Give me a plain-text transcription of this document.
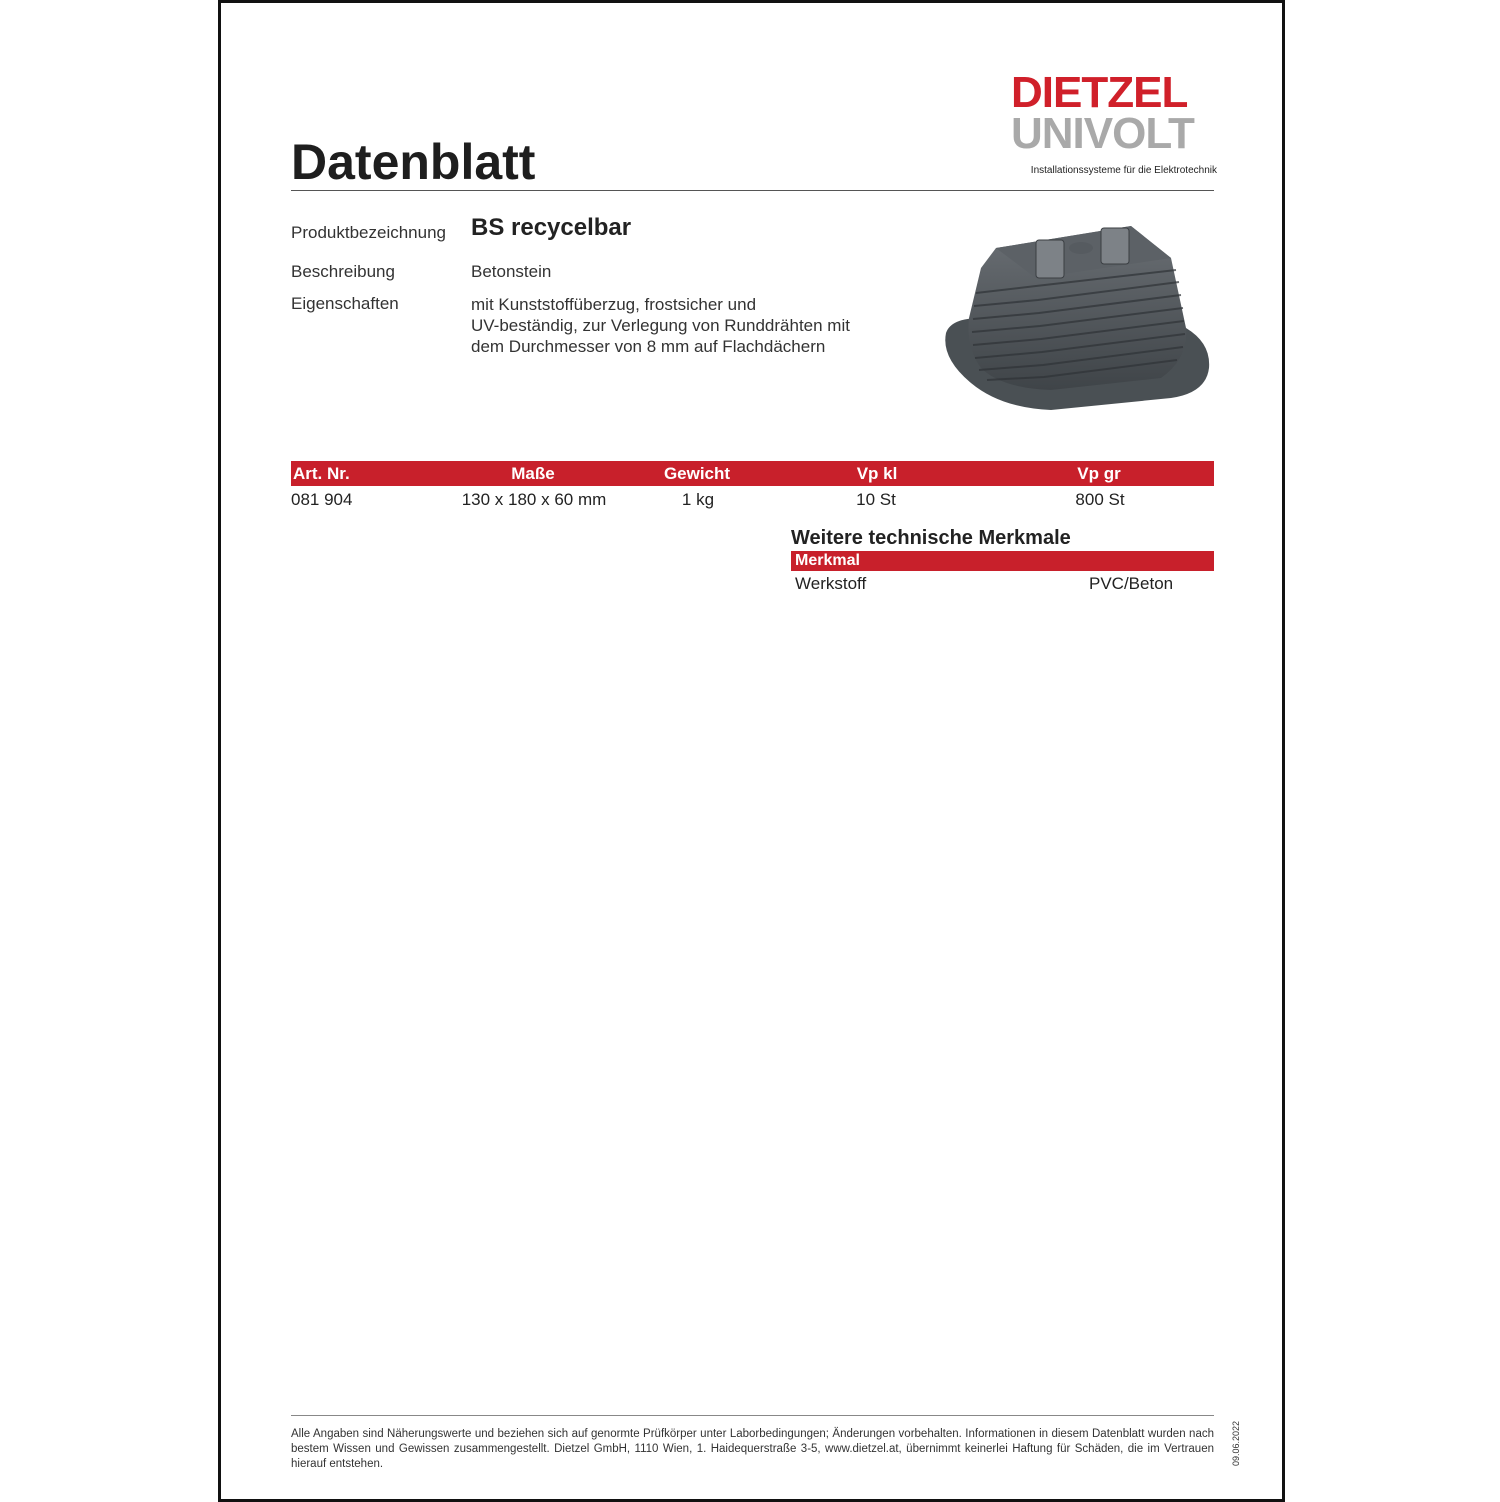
Datenblatt
DIETZEL
UNIVOLT
Installationssysteme für die Elektrotechnik
Produktbezeichnung BS recycelbar
Beschreibung	Betonstein
Eigenschaften	mit Kunststoffüberzug, frostsicher und
UV-beständig, zur Verlegung von Runddrähten mit
dem Durchmesser von 8 mm auf Flachdächern
Art. Nr.	Maße	Gewicht	Vp kl	Vp gr
081 904	130 x 180 x 60 mm	1 kg	10 St	800 St
Weitere technische Merkmale
Merkmal
Werkstoff	PVC/Beton
Alle Angaben sind Näherungswerte und beziehen sich auf genormte Prüfkörper unter Laborbedingungen; Änderungen vorbehalten. Informationen in diesem Datenblatt wurden nach bestem Wissen und Gewissen zusammengestellt. Dietzel GmbH, 1110 Wien, 1. Haidequerstraße 3-5, www.dietzel.at, übernimmt keinerlei Haftung für Schäden, die im Vertrauen hierauf entstehen.	09.06.2022
